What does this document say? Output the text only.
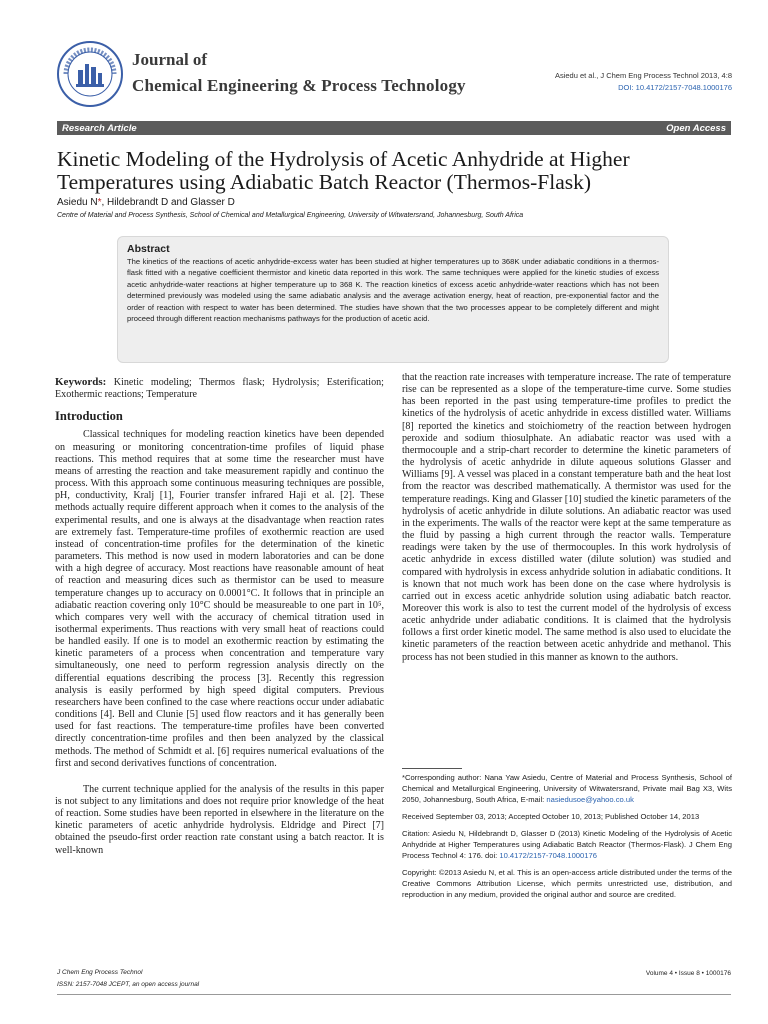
Journal of
Chemical Engineering & Process Technology
Asiedu et al., J Chem Eng Process Technol 2013, 4:8
DOI: 10.4172/2157-7048.1000176
Research Article	Open Access
Kinetic Modeling of the Hydrolysis of Acetic Anhydride at Higher Temperatures using Adiabatic Batch Reactor (Thermos-Flask)
Asiedu N*, Hildebrandt D and Glasser D
Centre of Material and Process Synthesis, School of Chemical and Metallurgical Engineering, University of Witwatersrand, Johannesburg, South Africa
Abstract
The kinetics of the reactions of acetic anhydride-excess water has been studied at higher temperatures up to 368K under adiabatic conditions in a thermos-flask fitted with a negative coefficient thermistor and kinetic data reported in this work. The same techniques were applied for the kinetic studies of excess acetic anhydride-water reactions at higher temperature up to 368 K. The reaction kinetics of excess acetic anhydride-water reactions which has not been determined previously was modeled using the same adiabatic analysis and the average activation energy, heat of reaction, pre-exponential factor and the order of reaction with respect to water has been determined. The studies have shown that the two processes appear to be completely different and might proceed through different reaction mechanisms pathways for the production of acetic acid.
Keywords: Kinetic modeling; Thermos flask; Hydrolysis; Esterification; Exothermic reactions; Temperature
Introduction

Classical techniques for modeling reaction kinetics have been depended on measuring or monitoring concentration-time profiles of liquid phase reactions. This method requires that at some time the researcher must have means of arresting the reaction and take measurement rapidly and continuo the process. With this approach some continuous measuring techniques are possible, pH, conductivity, Kralj [1], Fourier transfer infrared Haji et al. [2]. These methods actually require different approach when it comes to the analysis of the experimental results, and one is always at the disadvantage when reaction rates are extremely fast. Temperature-time profiles of exothermic reaction are used instead of concentration-time profiles for the determination of the kinetic parameters. This method is now used in modern laboratories and can be done with a high degree of accuracy. Most reactions have reasonable amount of heat of reaction and measuring dices such as thermistor can be used to measure temperature changes up to accuracy on 0.0001°C. It follows that in principle an adiabatic reaction covering only 10°C should be measureable to one part in 10⁵, which compares very well with the accuracy of chemical titration used in isothermal experiments. Thus reactions with very small heat of reactions could be handled easily. If one is to model an exothermic reaction by estimating the kinetic parameters of a process when concentration and temperature vary simultaneously, one need to perform regression analysis directly on the differential equations describing the process [3]. Recently this regression analysis is easily performed by high speed digital computers. Previous researchers have been confined to the case where reactions occur under adiabatic conditions [4]. Bell and Clunie [5] used flow reactors and it has generally been used for fast reactions. The temperature-time profiles have been converted directly concentration-time profiles and then been analyzed by the classical methods. The method of Schmidt et al. [6] requires numerical evaluations of the first and second derivatives functions of concentration.

The current technique applied for the analysis of the results in this paper is not subject to any limitations and does not require prior knowledge of the heat of reaction. Some studies have been reported in elsewhere in the literature on the kinetic parameters of acetic anhydride hydrolysis. Eldridge and Pirect [7] obtained the pseudo-first order reaction rate constant using a batch reactor. It is well-known

that the reaction rate increases with temperature increase. The rate of temperature rise can be represented as a slope of the temperature-time curve. Some studies has been reported in the past using temperature-time profiles to predict the kinetics of the hydrolysis of acetic anhydride in excess distilled water. Williams [8] reported the kinetics and stoichiometry of the reaction between hydrogen peroxide and sodium thiosulphate. An adiabatic reactor was used with a thermocouple and a strip-chart recorder to determine the kinetic parameters of the hydrolysis of acetic anhydride in dilute aqueous solutions Glasser and Williams [9]. A vessel was placed in a constant temperature bath and the heat lost from the reactor was described mathematically. A thermistor was used for the temperature readings. King and Glasser [10] studied the kinetic parameters of the hydrolysis of acetic anhydride in dilute solutions. An adiabatic reactor was used in the experiments. The walls of the reactor were kept at the same temperature as the fluid by passing a high current through the reactor walls. Temperature readings were taken by the use of thermocouples. In this work hydrolysis of acetic anhydride in excess distilled water (dilute solution) was studied and compared with hydrolysis in excess anhydride solution in adiabatic conditions. It is known that not much work has been done on the case where hydrolysis is carried out in excess acetic anhydride solution using adiabatic batch reactor. Moreover this work is also to test the current model of the hydrolysis of excess acetic anhydride under adiabatic conditions. It is claimed that the hydrolysis follows a first order kinetic model. The same method is also used to elucidate the kinetic parameters of the reaction between acetic anhydride and methanol. This process has not been studied in this manner as known to the authors.

*Corresponding author: Nana Yaw Asiedu, Centre of Material and Process Synthesis, School of Chemical and Metallurgical Engineering, University of Witwatersrand, Private mail Bag X3, Wits 2050, Johannesburg, South Africa, E-mail: nasiedusoe@yahoo.co.uk
Received September 03, 2013; Accepted October 10, 2013; Published October 14, 2013
Citation: Asiedu N, Hildebrandt D, Glasser D (2013) Kinetic Modeling of the Hydrolysis of Acetic Anhydride at Higher Temperatures using Adiabatic Batch Reactor (Thermos-Flask). J Chem Eng Process Technol 4: 176. doi: 10.4172/2157-7048.1000176
Copyright: ©2013 Asiedu N, et al. This is an open-access article distributed under the terms of the Creative Commons Attribution License, which permits unrestricted use, distribution, and reproduction in any medium, provided the original author and source are credited.
J Chem Eng Process Technol
ISSN: 2157-7048 JCEPT, an open access journal
Volume 4 • Issue 8 • 1000176
